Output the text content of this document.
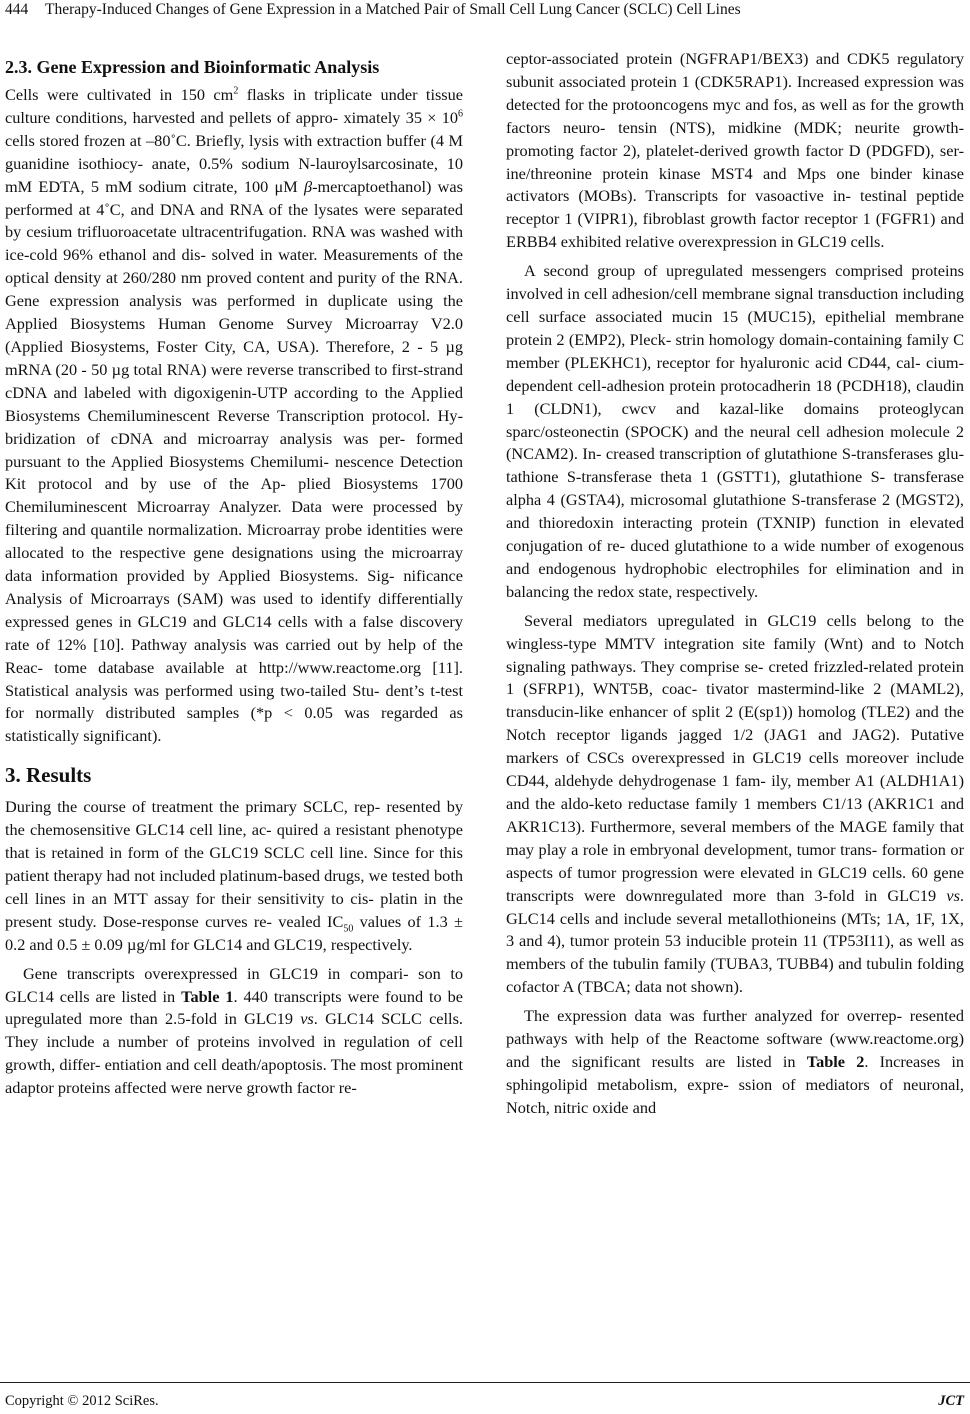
444 Therapy-Induced Changes of Gene Expression in a Matched Pair of Small Cell Lung Cancer (SCLC) Cell Lines
2.3. Gene Expression and Bioinformatic Analysis

Cells were cultivated in 150 $cm^2$ flasks in triplicate under tissue culture conditions, harvested and pellets of appro- ximately $35 \times 10^6$ cells stored frozen at –80˚C. Briefly, lysis with extraction buffer (4 M guanidine isothiocy- anate, 0.5% sodium N-lauroylsarcosinate, 10 mM EDTA, 5 mM sodium citrate, 100 μM β-mercaptoethanol) was performed at 4˚C, and DNA and RNA of the lysates were separated by cesium trifluoroacetate ultracentrifugation. RNA was washed with ice-cold 96% ethanol and dis- solved in water. Measurements of the optical density at 260/280 nm proved content and purity of the RNA. Gene expression analysis was performed in duplicate using the Applied Biosystems Human Genome Survey Microarray V2.0 (Applied Biosystems, Foster City, CA, USA). Therefore, 2 - 5 µg mRNA (20 - 50 µg total RNA) were reverse transcribed to first-strand cDNA and labeled with digoxigenin-UTP according to the Applied Biosystems Chemiluminescent Reverse Transcription protocol. Hy- bridization of cDNA and microarray analysis was per- formed pursuant to the Applied Biosystems Chemilumi- nescence Detection Kit protocol and by use of the Ap- plied Biosystems 1700 Chemiluminescent Microarray Analyzer. Data were processed by filtering and quantile normalization. Microarray probe identities were allocated to the respective gene designations using the microarray data information provided by Applied Biosystems. Sig- nificance Analysis of Microarrays (SAM) was used to identify differentially expressed genes in GLC19 and GLC14 cells with a false discovery rate of 12% [10]. Pathway analysis was carried out by help of the Reac- tome database available at http://www.reactome.org [11]. Statistical analysis was performed using two-tailed Stu- dent’s t-test for normally distributed samples (*p < 0.05 was regarded as statistically significant).

3. Results

During the course of treatment the primary SCLC, rep- resented by the chemosensitive GLC14 cell line, ac- quired a resistant phenotype that is retained in form of the GLC19 SCLC cell line. Since for this patient therapy had not included platinum-based drugs, we tested both cell lines in an MTT assay for their sensitivity to cis- platin in the present study. Dose-response curves re- vealed $IC_{50}$ values of 1.3 ± 0.2 and 0.5 ± 0.09 µg/ml for GLC14 and GLC19, respectively.

Gene transcripts overexpressed in GLC19 in compari- son to GLC14 cells are listed in Table 1. 440 transcripts were found to be upregulated more than 2.5-fold in GLC19 vs. GLC14 SCLC cells. They include a number of proteins involved in regulation of cell growth, differ- entiation and cell death/apoptosis. The most prominent adaptor proteins affected were nerve growth factor re-

ceptor-associated protein (NGFRAP1/BEX3) and CDK5 regulatory subunit associated protein 1 (CDK5RAP1). Increased expression was detected for the protooncogens myc and fos, as well as for the growth factors neuro- tensin (NTS), midkine (MDK; neurite growth-promoting factor 2), platelet-derived growth factor D (PDGFD), ser- ine/threonine protein kinase MST4 and Mps one binder kinase activators (MOBs). Transcripts for vasoactive in- testinal peptide receptor 1 (VIPR1), fibroblast growth factor receptor 1 (FGFR1) and ERBB4 exhibited relative overexpression in GLC19 cells.

A second group of upregulated messengers comprised proteins involved in cell adhesion/cell membrane signal transduction including cell surface associated mucin 15 (MUC15), epithelial membrane protein 2 (EMP2), Pleck- strin homology domain-containing family C member (PLEKHC1), receptor for hyaluronic acid CD44, cal- cium-dependent cell-adhesion protein protocadherin 18 (PCDH18), claudin 1 (CLDN1), cwcv and kazal-like domains proteoglycan sparc/osteonectin (SPOCK) and the neural cell adhesion molecule 2 (NCAM2). In- creased transcription of glutathione S-transferases glu- tathione S-transferase theta 1 (GSTT1), glutathione S- transferase alpha 4 (GSTA4), microsomal glutathione S-transferase 2 (MGST2), and thioredoxin interacting protein (TXNIP) function in elevated conjugation of re- duced glutathione to a wide number of exogenous and endogenous hydrophobic electrophiles for elimination and in balancing the redox state, respectively.

Several mediators upregulated in GLC19 cells belong to the wingless-type MMTV integration site family (Wnt) and to Notch signaling pathways. They comprise se- creted frizzled-related protein 1 (SFRP1), WNT5B, coac- tivator mastermind-like 2 (MAML2), transducin-like enhancer of split 2 (E(sp1)) homolog (TLE2) and the Notch receptor ligands jagged 1/2 (JAG1 and JAG2). Putative markers of CSCs overexpressed in GLC19 cells moreover include CD44, aldehyde dehydrogenase 1 fam- ily, member A1 (ALDH1A1) and the aldo-keto reductase family 1 members C1/13 (AKR1C1 and AKR1C13). Furthermore, several members of the MAGE family that may play a role in embryonal development, tumor trans- formation or aspects of tumor progression were elevated in GLC19 cells. 60 gene transcripts were downregulated more than 3-fold in GLC19 vs. GLC14 cells and include several metallothioneins (MTs; 1A, 1F, 1X, 3 and 4), tumor protein 53 inducible protein 11 (TP53I11), as well as members of the tubulin family (TUBA3, TUBB4) and tubulin folding cofactor A (TBCA; data not shown).

The expression data was further analyzed for overrep- resented pathways with help of the Reactome software (www.reactome.org) and the significant results are listed in Table 2. Increases in sphingolipid metabolism, expre- ssion of mediators of neuronal, Notch, nitric oxide and

Copyright © 2012 SciRes.	JCT
